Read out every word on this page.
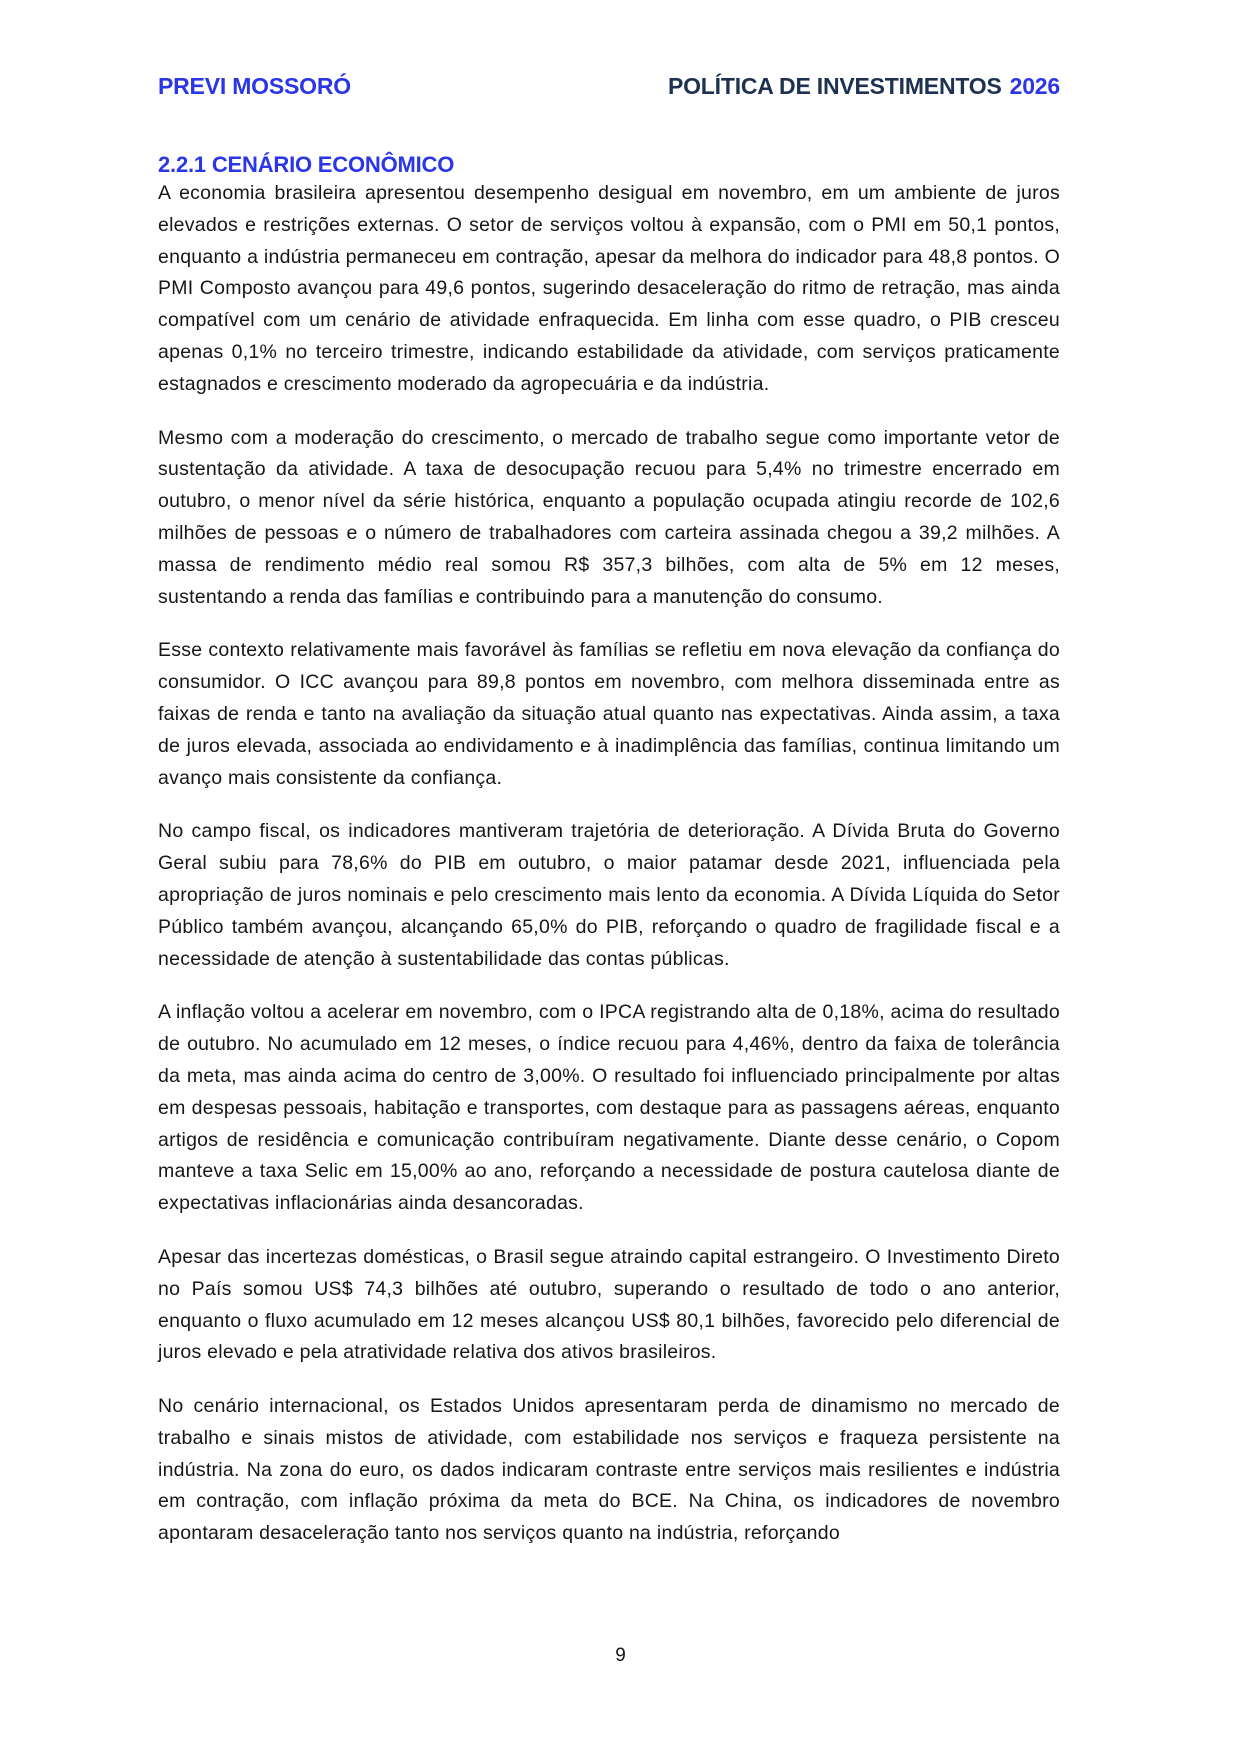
PREVI MOSSORÓ	POLÍTICA DE INVESTIMENTOS 2026
2.2.1 CENÁRIO ECONÔMICO

A economia brasileira apresentou desempenho desigual em novembro, em um ambiente de juros elevados e restrições externas. O setor de serviços voltou à expansão, com o PMI em 50,1 pontos, enquanto a indústria permaneceu em contração, apesar da melhora do indicador para 48,8 pontos. O PMI Composto avançou para 49,6 pontos, sugerindo desaceleração do ritmo de retração, mas ainda compatível com um cenário de atividade enfraquecida. Em linha com esse quadro, o PIB cresceu apenas 0,1% no terceiro trimestre, indicando estabilidade da atividade, com serviços praticamente estagnados e crescimento moderado da agropecuária e da indústria.

Mesmo com a moderação do crescimento, o mercado de trabalho segue como importante vetor de sustentação da atividade. A taxa de desocupação recuou para 5,4% no trimestre encerrado em outubro, o menor nível da série histórica, enquanto a população ocupada atingiu recorde de 102,6 milhões de pessoas e o número de trabalhadores com carteira assinada chegou a 39,2 milhões. A massa de rendimento médio real somou R$ 357,3 bilhões, com alta de 5% em 12 meses, sustentando a renda das famílias e contribuindo para a manutenção do consumo.

Esse contexto relativamente mais favorável às famílias se refletiu em nova elevação da confiança do consumidor. O ICC avançou para 89,8 pontos em novembro, com melhora disseminada entre as faixas de renda e tanto na avaliação da situação atual quanto nas expectativas. Ainda assim, a taxa de juros elevada, associada ao endividamento e à inadimplência das famílias, continua limitando um avanço mais consistente da confiança.

No campo fiscal, os indicadores mantiveram trajetória de deterioração. A Dívida Bruta do Governo Geral subiu para 78,6% do PIB em outubro, o maior patamar desde 2021, influenciada pela apropriação de juros nominais e pelo crescimento mais lento da economia. A Dívida Líquida do Setor Público também avançou, alcançando 65,0% do PIB, reforçando o quadro de fragilidade fiscal e a necessidade de atenção à sustentabilidade das contas públicas.

A inflação voltou a acelerar em novembro, com o IPCA registrando alta de 0,18%, acima do resultado de outubro. No acumulado em 12 meses, o índice recuou para 4,46%, dentro da faixa de tolerância da meta, mas ainda acima do centro de 3,00%. O resultado foi influenciado principalmente por altas em despesas pessoais, habitação e transportes, com destaque para as passagens aéreas, enquanto artigos de residência e comunicação contribuíram negativamente. Diante desse cenário, o Copom manteve a taxa Selic em 15,00% ao ano, reforçando a necessidade de postura cautelosa diante de expectativas inflacionárias ainda desancoradas.

Apesar das incertezas domésticas, o Brasil segue atraindo capital estrangeiro. O Investimento Direto no País somou US$ 74,3 bilhões até outubro, superando o resultado de todo o ano anterior, enquanto o fluxo acumulado em 12 meses alcançou US$ 80,1 bilhões, favorecido pelo diferencial de juros elevado e pela atratividade relativa dos ativos brasileiros.

No cenário internacional, os Estados Unidos apresentaram perda de dinamismo no mercado de trabalho e sinais mistos de atividade, com estabilidade nos serviços e fraqueza persistente na indústria. Na zona do euro, os dados indicaram contraste entre serviços mais resilientes e indústria em contração, com inflação próxima da meta do BCE. Na China, os indicadores de novembro apontaram desaceleração tanto nos serviços quanto na indústria, reforçando

9
